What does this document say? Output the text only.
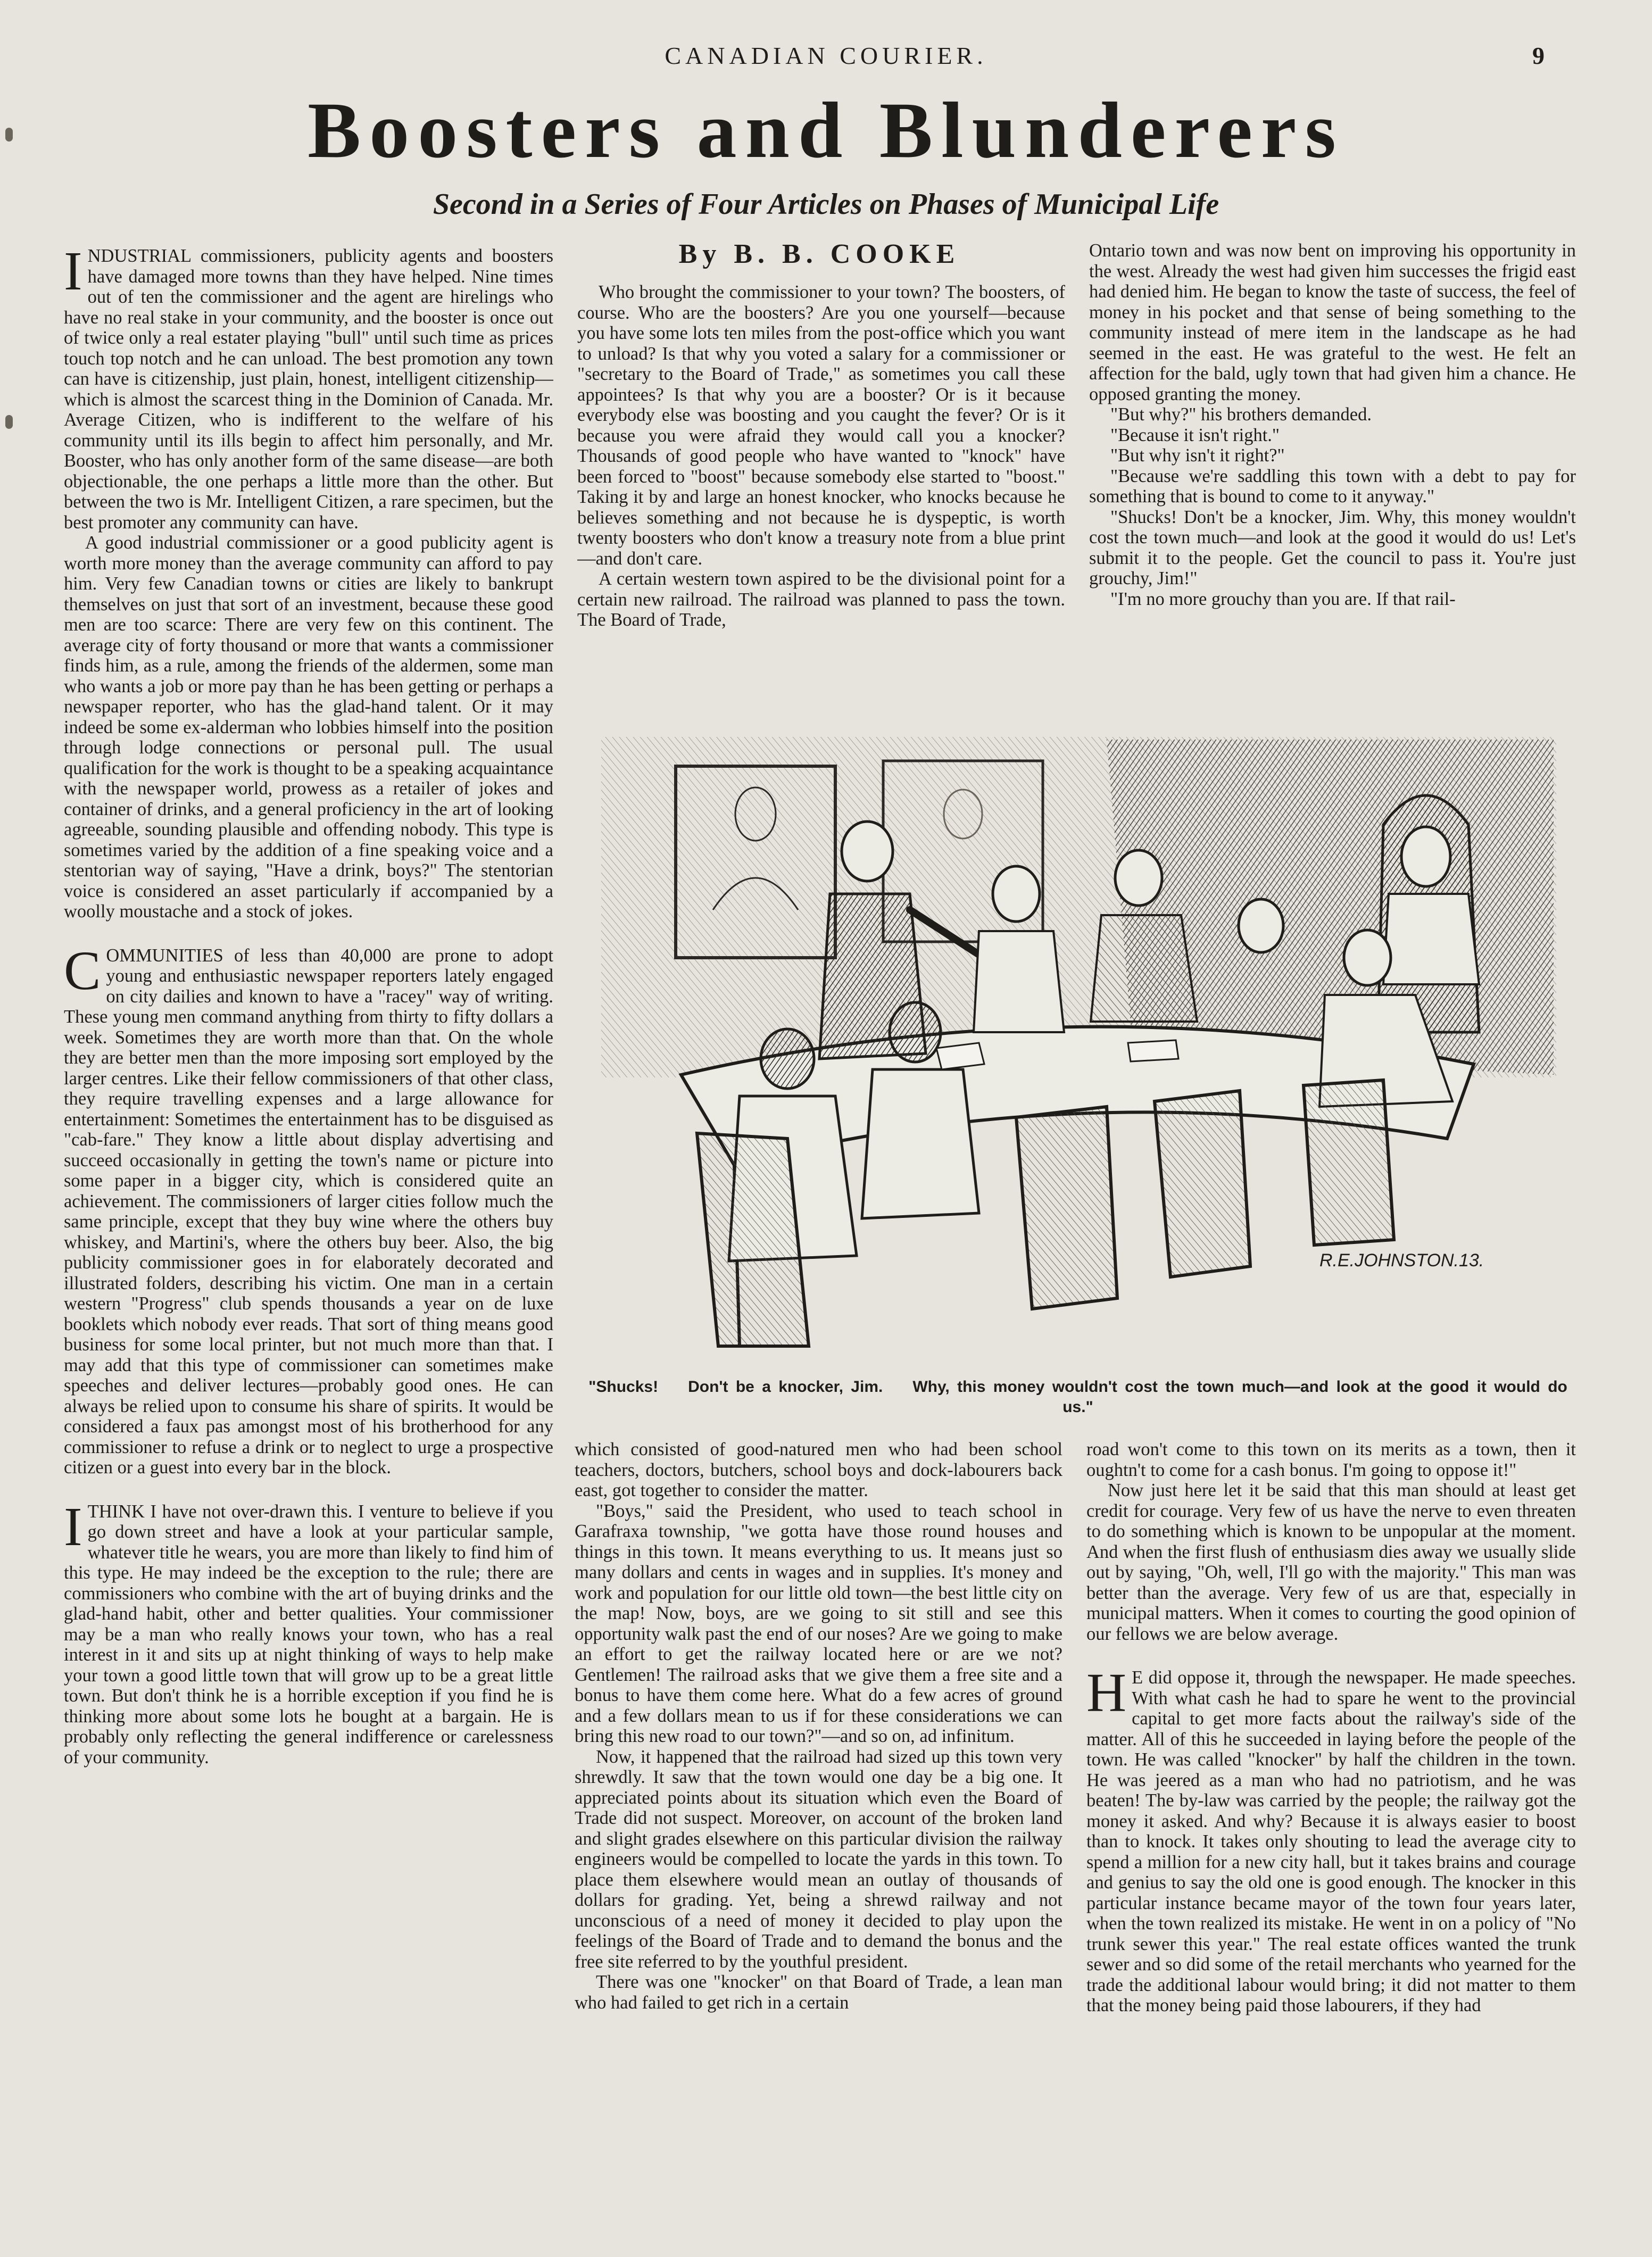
CANADIAN COURIER.	9
Boosters and Blunderers
Second in a Series of Four Articles on Phases of Municipal Life
By B. B. COOKE

INDUSTRIAL commissioners, publicity agents and boosters have damaged more towns than they have helped. Nine times out of ten the commissioner and the agent are hirelings who have no real stake in your community, and the booster is once out of twice only a real estater playing "bull" until such time as prices touch top notch and he can unload. The best promotion any town can have is citizenship, just plain, honest, intelligent citizenship—which is almost the scarcest thing in the Dominion of Canada. Mr. Average Citizen, who is indifferent to the welfare of his community until its ills begin to affect him personally, and Mr. Booster, who has only another form of the same disease—are both objectionable, the one perhaps a little more than the other. But between the two is Mr. Intelligent Citizen, a rare specimen, but the best promoter any community can have.

A good industrial commissioner or a good publicity agent is worth more money than the average community can afford to pay him. Very few Canadian towns or cities are likely to bankrupt themselves on just that sort of an investment, because these good men are too scarce: There are very few on this continent. The average city of forty thousand or more that wants a commissioner finds him, as a rule, among the friends of the aldermen, some man who wants a job or more pay than he has been getting or perhaps a newspaper reporter, who has the glad-hand talent. Or it may indeed be some ex-alderman who lobbies himself into the position through lodge connections or personal pull. The usual qualification for the work is thought to be a speaking acquaintance with the newspaper world, prowess as a retailer of jokes and container of drinks, and a general proficiency in the art of looking agreeable, sounding plausible and offending nobody. This type is sometimes varied by the addition of a fine speaking voice and a stentorian way of saying, "Have a drink, boys?" The stentorian voice is considered an asset particularly if accompanied by a woolly moustache and a stock of jokes.

COMMUNITIES of less than 40,000 are prone to adopt young and enthusiastic newspaper reporters lately engaged on city dailies and known to have a "racey" way of writing. These young men command anything from thirty to fifty dollars a week. Sometimes they are worth more than that. On the whole they are better men than the more imposing sort employed by the larger centres. Like their fellow commissioners of that other class, they require travelling expenses and a large allowance for entertainment: Sometimes the entertainment has to be disguised as "cab-fare." They know a little about display advertising and succeed occasionally in getting the town's name or picture into some paper in a bigger city, which is considered quite an achievement. The commissioners of larger cities follow much the same principle, except that they buy wine where the others buy whiskey, and Martini's, where the others buy beer. Also, the big publicity commissioner goes in for elaborately decorated and illustrated folders, describing his victim. One man in a certain western "Progress" club spends thousands a year on de luxe booklets which nobody ever reads. That sort of thing means good business for some local printer, but not much more than that. I may add that this type of commissioner can sometimes make speeches and deliver lectures—probably good ones. He can always be relied upon to consume his share of spirits. It would be considered a faux pas amongst most of his brotherhood for any commissioner to refuse a drink or to neglect to urge a prospective citizen or a guest into every bar in the block.

ITHINK I have not over-drawn this. I venture to believe if you go down street and have a look at your particular sample, whatever title he wears, you are more than likely to find him of this type. He may indeed be the exception to the rule; there are commissioners who combine with the art of buying drinks and the glad-hand habit, other and better qualities. Your commissioner may be a man who really knows your town, who has a real interest in it and sits up at night thinking of ways to help make your town a good little town that will grow up to be a great little town. But don't think he is a horrible exception if you find he is thinking more about some lots he bought at a bargain. He is probably only reflecting the general indifference or carelessness of your community.

Who brought the commissioner to your town? The boosters, of course. Who are the boosters? Are you one yourself—because you have some lots ten miles from the post-office which you want to unload? Is that why you voted a salary for a commissioner or "secretary to the Board of Trade," as sometimes you call these appointees? Is that why you are a booster? Or is it because everybody else was boosting and you caught the fever? Or is it because you were afraid they would call you a knocker? Thousands of good people who have wanted to "knock" have been forced to "boost" because somebody else started to "boost." Taking it by and large an honest knocker, who knocks because he believes something and not because he is dyspeptic, is worth twenty boosters who don't know a treasury note from a blue print—and don't care.

A certain western town aspired to be the divisional point for a certain new railroad. The railroad was planned to pass the town. The Board of Trade,

Ontario town and was now bent on improving his opportunity in the west. Already the west had given him successes the frigid east had denied him. He began to know the taste of success, the feel of money in his pocket and that sense of being something to the community instead of mere item in the landscape as he had seemed in the east. He was grateful to the west. He felt an affection for the bald, ugly town that had given him a chance. He opposed granting the money.

"But why?" his brothers demanded.

"Because it isn't right."

"But why isn't it right?"

"Because we're saddling this town with a debt to pay for something that is bound to come to it anyway."

"Shucks! Don't be a knocker, Jim. Why, this money wouldn't cost the town much—and look at the good it would do us! Let's submit it to the people. Get the council to pass it. You're just grouchy, Jim!"

"I'm no more grouchy than you are. If that rail-

R.E.JOHNSTON.13.
"Shucks! Don't be a knocker, Jim. Why, this money wouldn't cost the town much—and look at the good it would do us."

which consisted of good-natured men who had been school teachers, doctors, butchers, school boys and dock-labourers back east, got together to consider the matter.

"Boys," said the President, who used to teach school in Garafraxa township, "we gotta have those round houses and things in this town. It means everything to us. It means just so many dollars and cents in wages and in supplies. It's money and work and population for our little old town—the best little city on the map! Now, boys, are we going to sit still and see this opportunity walk past the end of our noses? Are we going to make an effort to get the railway located here or are we not? Gentlemen! The railroad asks that we give them a free site and a bonus to have them come here. What do a few acres of ground and a few dollars mean to us if for these considerations we can bring this new road to our town?"—and so on, ad infinitum.

Now, it happened that the railroad had sized up this town very shrewdly. It saw that the town would one day be a big one. It appreciated points about its situation which even the Board of Trade did not suspect. Moreover, on account of the broken land and slight grades elsewhere on this particular division the railway engineers would be compelled to locate the yards in this town. To place them elsewhere would mean an outlay of thousands of dollars for grading. Yet, being a shrewd railway and not unconscious of a need of money it decided to play upon the feelings of the Board of Trade and to demand the bonus and the free site referred to by the youthful president.

There was one "knocker" on that Board of Trade, a lean man who had failed to get rich in a certain

road won't come to this town on its merits as a town, then it oughtn't to come for a cash bonus. I'm going to oppose it!"

Now just here let it be said that this man should at least get credit for courage. Very few of us have the nerve to even threaten to do something which is known to be unpopular at the moment. And when the first flush of enthusiasm dies away we usually slide out by saying, "Oh, well, I'll go with the majority." This man was better than the average. Very few of us are that, especially in municipal matters. When it comes to courting the good opinion of our fellows we are below average.

H E did oppose it, through the newspaper. He made speeches. With what cash he had to spare he went to the provincial capital to get more facts about the railway's side of the matter. All of this he succeeded in laying before the people of the town. He was called "knocker" by half the children in the town. He was jeered as a man who had no patriotism, and he was beaten! The by-law was carried by the people; the railway got the money it asked. And why? Because it is always easier to boost than to knock. It takes only shouting to lead the average city to spend a million for a new city hall, but it takes brains and courage and genius to say the old one is good enough. The knocker in this particular instance became mayor of the town four years later, when the town realized its mistake. He went in on a policy of "No trunk sewer this year." The real estate offices wanted the trunk sewer and so did some of the retail merchants who yearned for the trade the additional labour would bring; it did not matter to them that the money being paid those labourers, if they had
